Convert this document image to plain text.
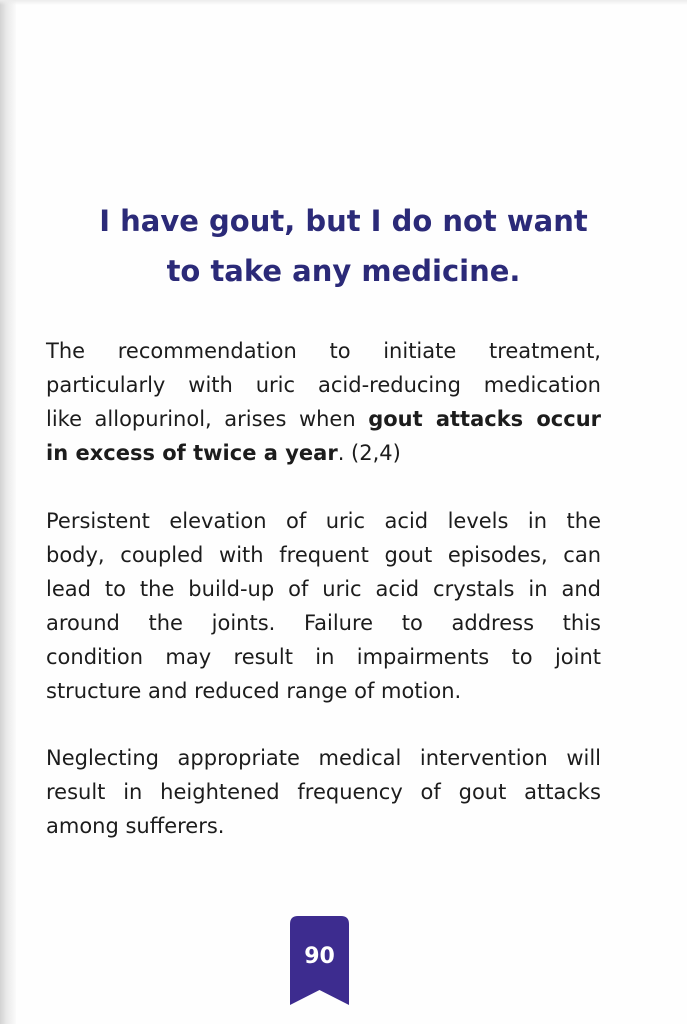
I have gout, but I do not want
to take any medicine.

The recommendation to initiate treatment,
particularly with uric acid-reducing medication
like allopurinol, arises when gout attacks occur
in excess of twice a year. (2,4)

Persistent elevation of uric acid levels in the
body, coupled with frequent gout episodes, can
lead to the build-up of uric acid crystals in and
around the joints. Failure to address this
condition may result in impairments to joint
structure and reduced range of motion.

Neglecting appropriate medical intervention will
result in heightened frequency of gout attacks
among sufferers.

90
